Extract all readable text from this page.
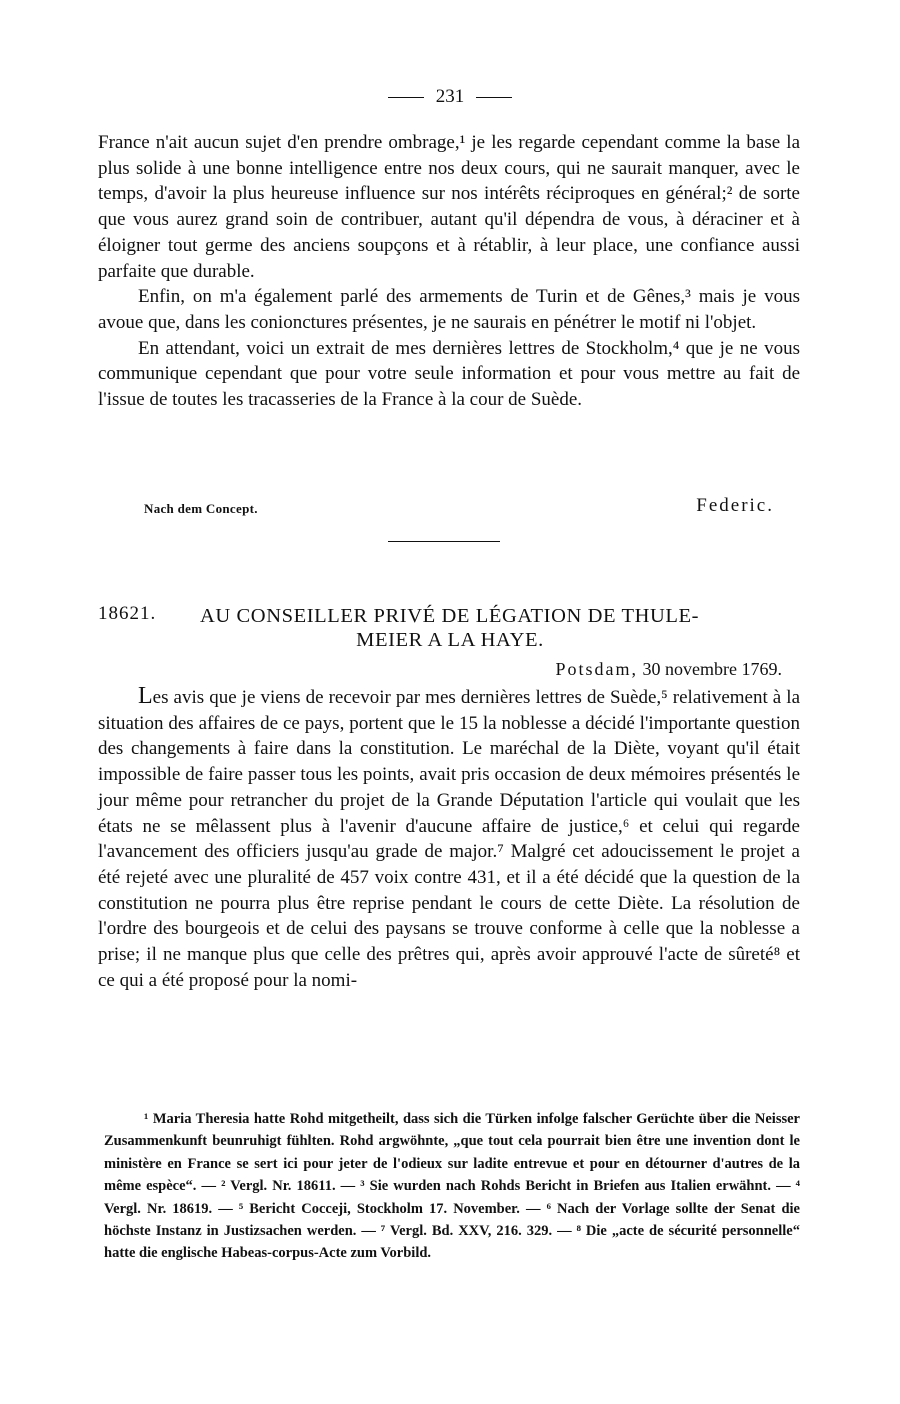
231

France n'ait aucun sujet d'en prendre ombrage,¹ je les regarde cependant comme la base la plus solide à une bonne intelligence entre nos deux cours, qui ne saurait manquer, avec le temps, d'avoir la plus heureuse influence sur nos intérêts réciproques en général;² de sorte que vous aurez grand soin de contribuer, autant qu'il dépendra de vous, à déraciner et à éloigner tout germe des anciens soupçons et à rétablir, à leur place, une confiance aussi parfaite que durable.

Enfin, on m'a également parlé des armements de Turin et de Gênes,³ mais je vous avoue que, dans les conionctures présentes, je ne saurais en pénétrer le motif ni l'objet.

En attendant, voici un extrait de mes dernières lettres de Stockholm,⁴ que je ne vous communique cependant que pour votre seule information et pour vous mettre au fait de l'issue de toutes les tracasseries de la France à la cour de Suède.

Nach dem Concept.	Federic.
18621. AU CONSEILLER PRIVÉ DE LÉGATION DE THULE-
MEIER A LA HAYE.
Potsdam, 30 novembre 1769.

Les avis que je viens de recevoir par mes dernières lettres de Suède,⁵ relativement à la situation des affaires de ce pays, portent que le 15 la noblesse a décidé l'importante question des changements à faire dans la constitution. Le maréchal de la Diète, voyant qu'il était impossible de faire passer tous les points, avait pris occasion de deux mémoires présentés le jour même pour retrancher du projet de la Grande Députation l'article qui voulait que les états ne se mêlassent plus à l'avenir d'aucune affaire de justice,⁶ et celui qui regarde l'avancement des officiers jusqu'au grade de major.⁷ Malgré cet adoucissement le projet a été rejeté avec une pluralité de 457 voix contre 431, et il a été décidé que la question de la constitution ne pourra plus être reprise pendant le cours de cette Diète. La résolution de l'ordre des bourgeois et de celui des paysans se trouve conforme à celle que la noblesse a prise; il ne manque plus que celle des prêtres qui, après avoir approuvé l'acte de sûreté⁸ et ce qui a été proposé pour la nomi-

¹ Maria Theresia hatte Rohd mitgetheilt, dass sich die Türken infolge falscher Gerüchte über die Neisser Zusammenkunft beunruhigt fühlten. Rohd argwöhnte, „que tout cela pourrait bien être une invention dont le ministère en France se sert ici pour jeter de l'odieux sur ladite entrevue et pour en détourner d'autres de la même espèce“. — ² Vergl. Nr. 18611. — ³ Sie wurden nach Rohds Bericht in Briefen aus Italien erwähnt. — ⁴ Vergl. Nr. 18619. — ⁵ Bericht Cocceji, Stockholm 17. November. — ⁶ Nach der Vorlage sollte der Senat die höchste Instanz in Justizsachen werden. — ⁷ Vergl. Bd. XXV, 216. 329. — ⁸ Die „acte de sécurité personnelle“ hatte die englische Habeas-corpus-Acte zum Vorbild.
